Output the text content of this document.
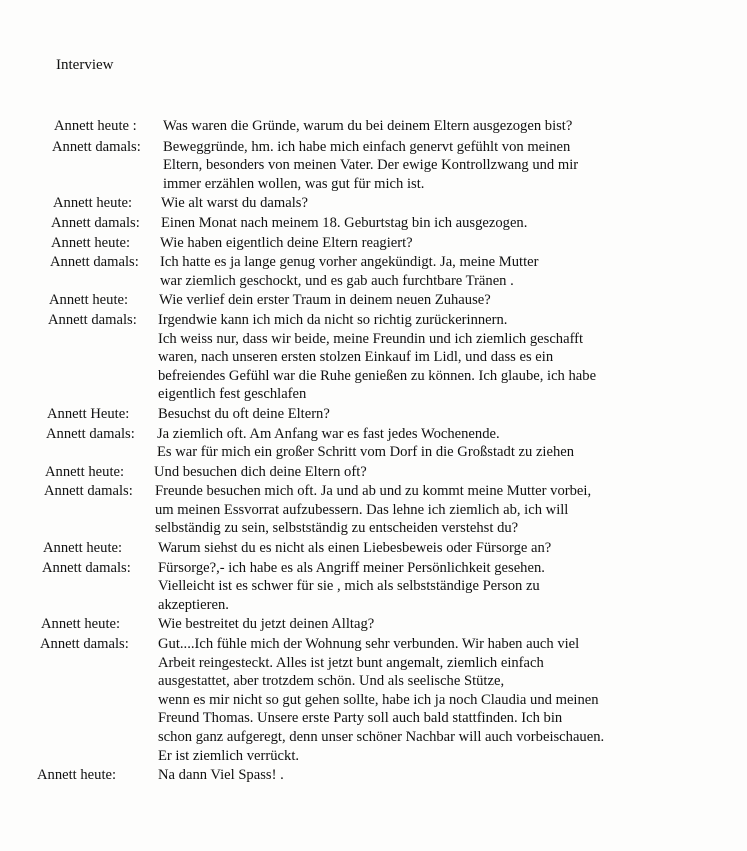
Interview
Annett heute : Was waren die Gründe, warum du bei deinem Eltern ausgezogen bist?
Annett damals: Beweggründe, hm. ich habe mich einfach genervt gefühlt von meinen
Eltern, besonders von meinen Vater. Der ewige Kontrollzwang und mir
immer erzählen wollen, was gut für mich ist.
Annett heute: Wie alt warst du damals?
Annett damals: Einen Monat nach meinem 18. Geburtstag bin ich ausgezogen.
Annett heute: Wie haben eigentlich deine Eltern reagiert?
Annett damals: Ich hatte es ja lange genug vorher angekündigt. Ja, meine Mutter
war ziemlich geschockt, und es gab auch furchtbare Tränen .
Annett heute: Wie verlief dein erster Traum in deinem neuen Zuhause?
Annett damals: Irgendwie kann ich mich da nicht so richtig zurückerinnern.
Ich weiss nur, dass wir beide, meine Freundin und ich ziemlich geschafft
waren, nach unseren ersten stolzen Einkauf im Lidl, und dass es ein
befreiendes Gefühl war die Ruhe genießen zu können. Ich glaube, ich habe
eigentlich fest geschlafen
Annett Heute: Besuchst du oft deine Eltern?
Annett damals: Ja ziemlich oft. Am Anfang war es fast jedes Wochenende.
Es war für mich ein großer Schritt vom Dorf in die Großstadt zu ziehen
Annett heute: Und besuchen dich deine Eltern oft?
Annett damals: Freunde besuchen mich oft. Ja und ab und zu kommt meine Mutter vorbei,
um meinen Essvorrat aufzubessern. Das lehne ich ziemlich ab, ich will
selbständig zu sein, selbstständig zu entscheiden verstehst du?
Annett heute: Warum siehst du es nicht als einen Liebesbeweis oder Fürsorge an?
Annett damals: Fürsorge?,- ich habe es als Angriff meiner Persönlichkeit gesehen.
Vielleicht ist es schwer für sie , mich als selbstständige Person zu
akzeptieren.
Annett heute:	Wie bestreitet du jetzt deinen Alltag?
Annett damals: Gut....Ich fühle mich der Wohnung sehr verbunden. Wir haben auch viel
Arbeit reingesteckt. Alles ist jetzt bunt angemalt, ziemlich einfach
ausgestattet, aber trotzdem schön. Und als seelische Stütze,
wenn es mir nicht so gut gehen sollte, habe ich ja noch Claudia und meinen
Freund Thomas. Unsere erste Party soll auch bald stattfinden. Ich bin
schon ganz aufgeregt, denn unser schöner Nachbar will auch vorbeischauen.
Er ist ziemlich verrückt.
Annett heute:	Na dann Viel Spass! .
